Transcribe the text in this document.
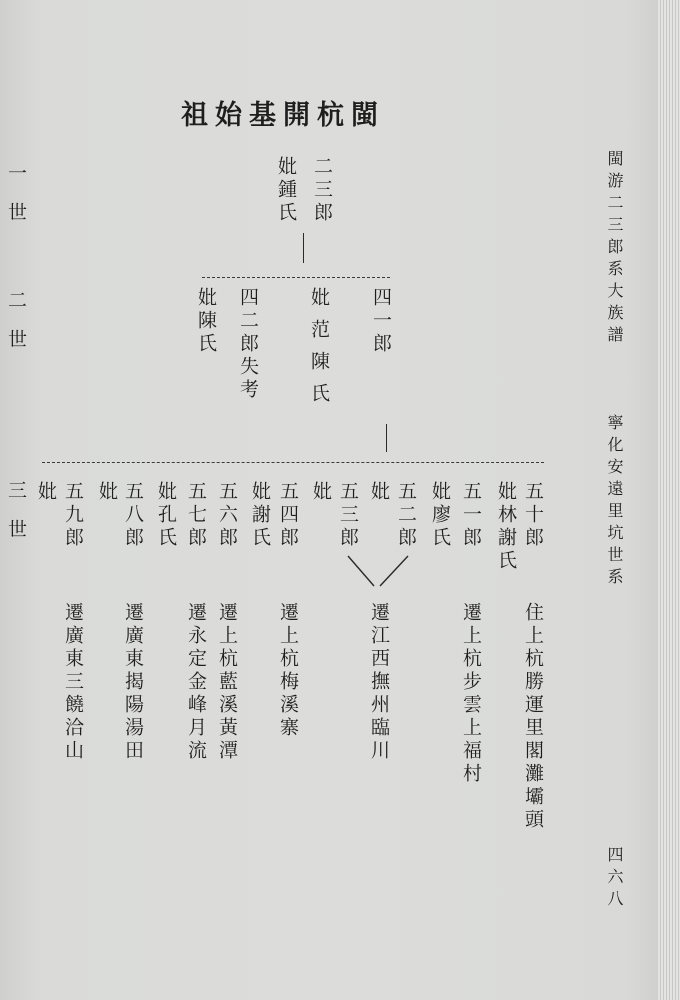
祖始基開杭閩
一世
二世
三世
閩游二三郎系大族譜
寧化安遠里坑世系
四六八
二三郎
妣鍾氏
四一郎
妣范陳氏
四二郎失考
妣陳氏
五十郎
妣林謝氏
五一郎
妣廖氏
五二郎
妣
五三郎
妣
五四郎
妣謝氏
五六郎
五七郎
妣孔氏
五八郎
妣
五九郎
妣
住上杭勝運里閣灘壩頭
遷上杭步雲上福村
遷江西撫州臨川
遷上杭梅溪寨
遷上杭藍溪黃潭
遷永定金峰月流
遷廣東揭陽湯田
遷廣東三饒洽山
